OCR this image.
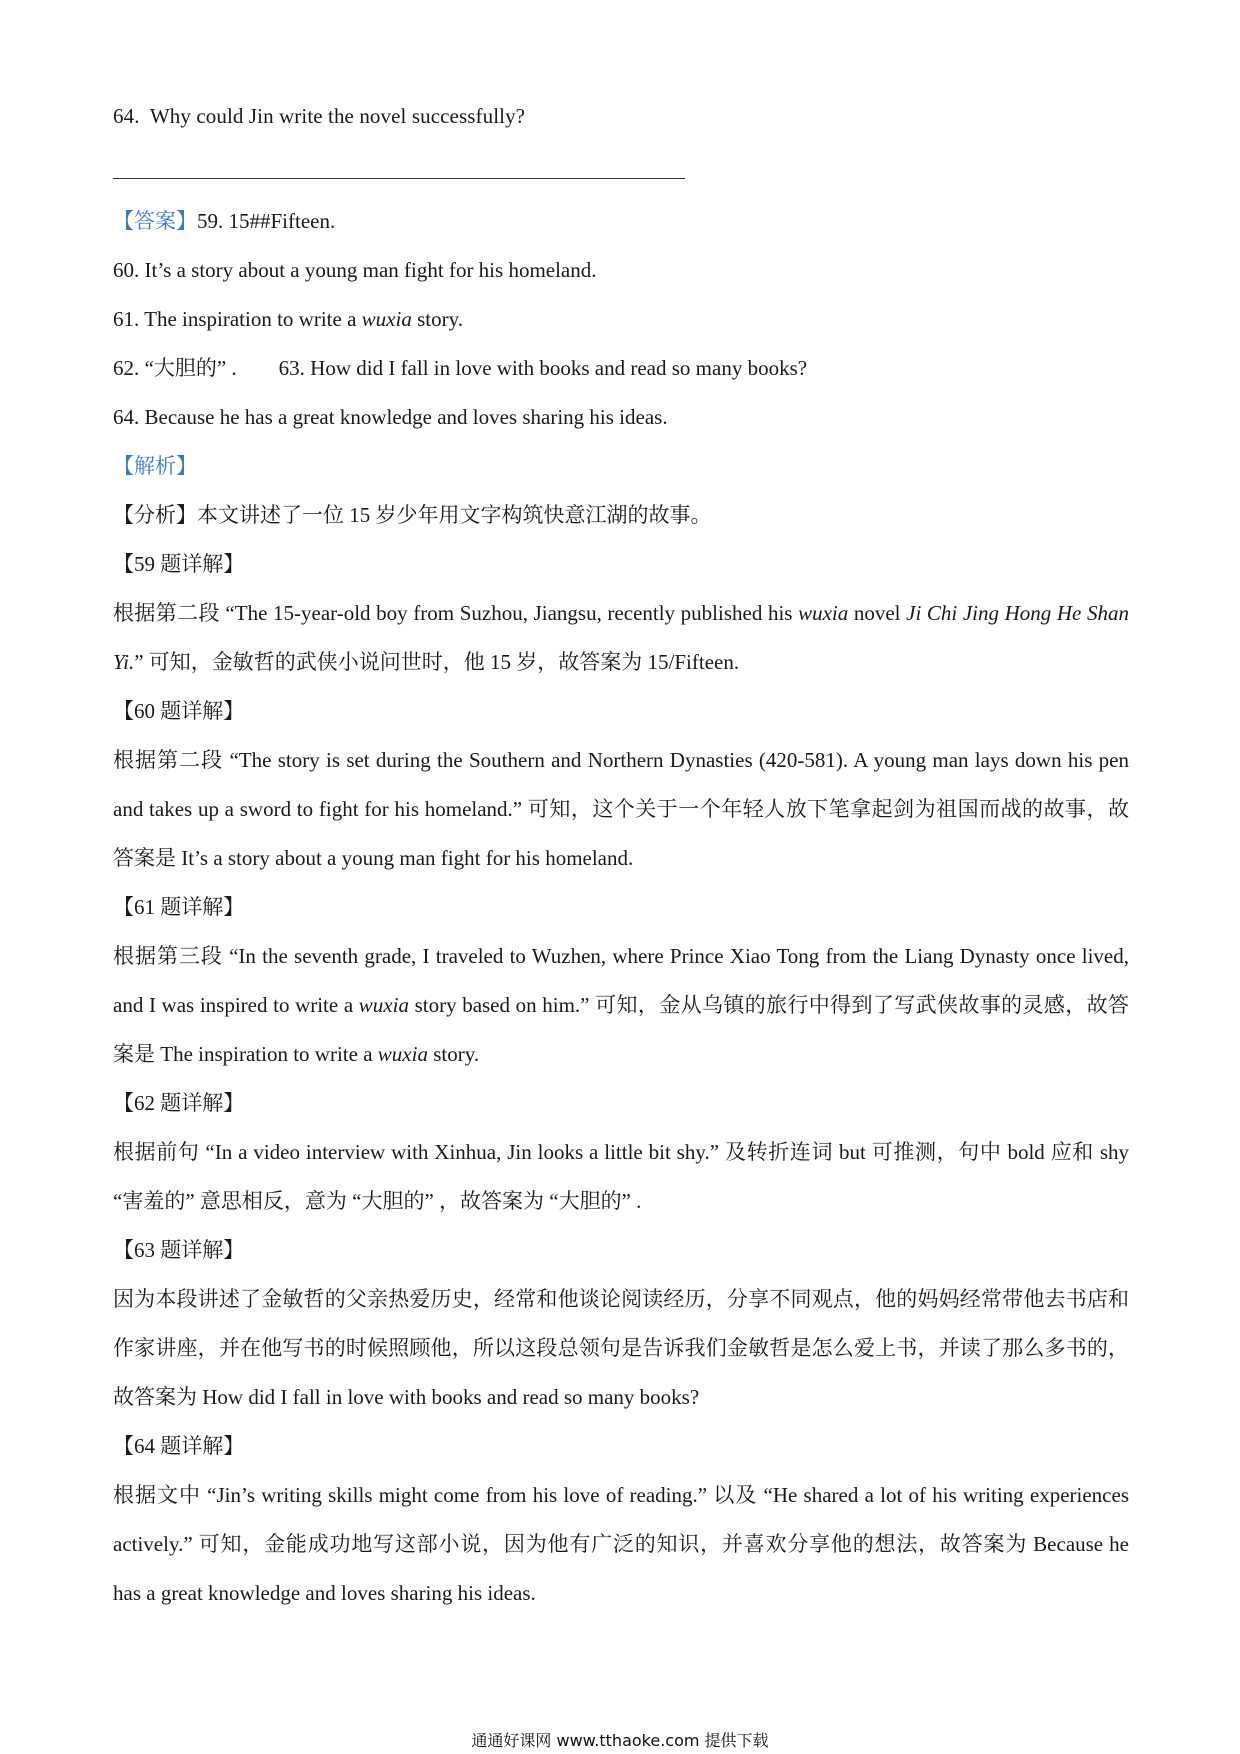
64. Why could Jin write the novel successfully?
【答案】59. 15##Fifteen.
60. It’s a story about a young man fight for his homeland.
61. The inspiration to write a wuxia story.
62. “大胆的” . 63. How did I fall in love with books and read so many books?
64. Because he has a great knowledge and loves sharing his ideas.
【解析】
【分析】本文讲述了一位 15 岁少年用文字构筑快意江湖的故事。
【59 题详解】
根据第二段 “The 15-year-old boy from Suzhou, Jiangsu, recently published his wuxia novel Ji Chi Jing Hong He Shan Yi.” 可知，金敏哲的武侠小说问世时，他 15 岁，故答案为 15/Fifteen.
【60 题详解】
根据第二段 “The story is set during the Southern and Northern Dynasties (420-581). A young man lays down his pen and takes up a sword to fight for his homeland.” 可知，这个关于一个年轻人放下笔拿起剑为祖国而战的故事，故答案是 It’s a story about a young man fight for his homeland.
【61 题详解】
根据第三段 “In the seventh grade, I traveled to Wuzhen, where Prince Xiao Tong from the Liang Dynasty once lived, and I was inspired to write a wuxia story based on him.” 可知，金从乌镇的旅行中得到了写武侠故事的灵感，故答案是 The inspiration to write a wuxia story.
【62 题详解】
根据前句 “In a video interview with Xinhua, Jin looks a little bit shy.” 及转折连词 but 可推测，句中 bold 应和 shy “害羞的” 意思相反，意为 “大胆的” ，故答案为 “大胆的” .
【63 题详解】
因为本段讲述了金敏哲的父亲热爱历史，经常和他谈论阅读经历，分享不同观点，他的妈妈经常带他去书店和作家讲座，并在他写书的时候照顾他，所以这段总领句是告诉我们金敏哲是怎么爱上书，并读了那么多书的，故答案为 How did I fall in love with books and read so many books?
【64 题详解】
根据文中 “Jin’s writing skills might come from his love of reading.” 以及 “He shared a lot of his writing experiences actively.” 可知，金能成功地写这部小说，因为他有广泛的知识，并喜欢分享他的想法，故答案为 Because he has a great knowledge and loves sharing his ideas.
通通好课网 www.tthaoke.com 提供下载
